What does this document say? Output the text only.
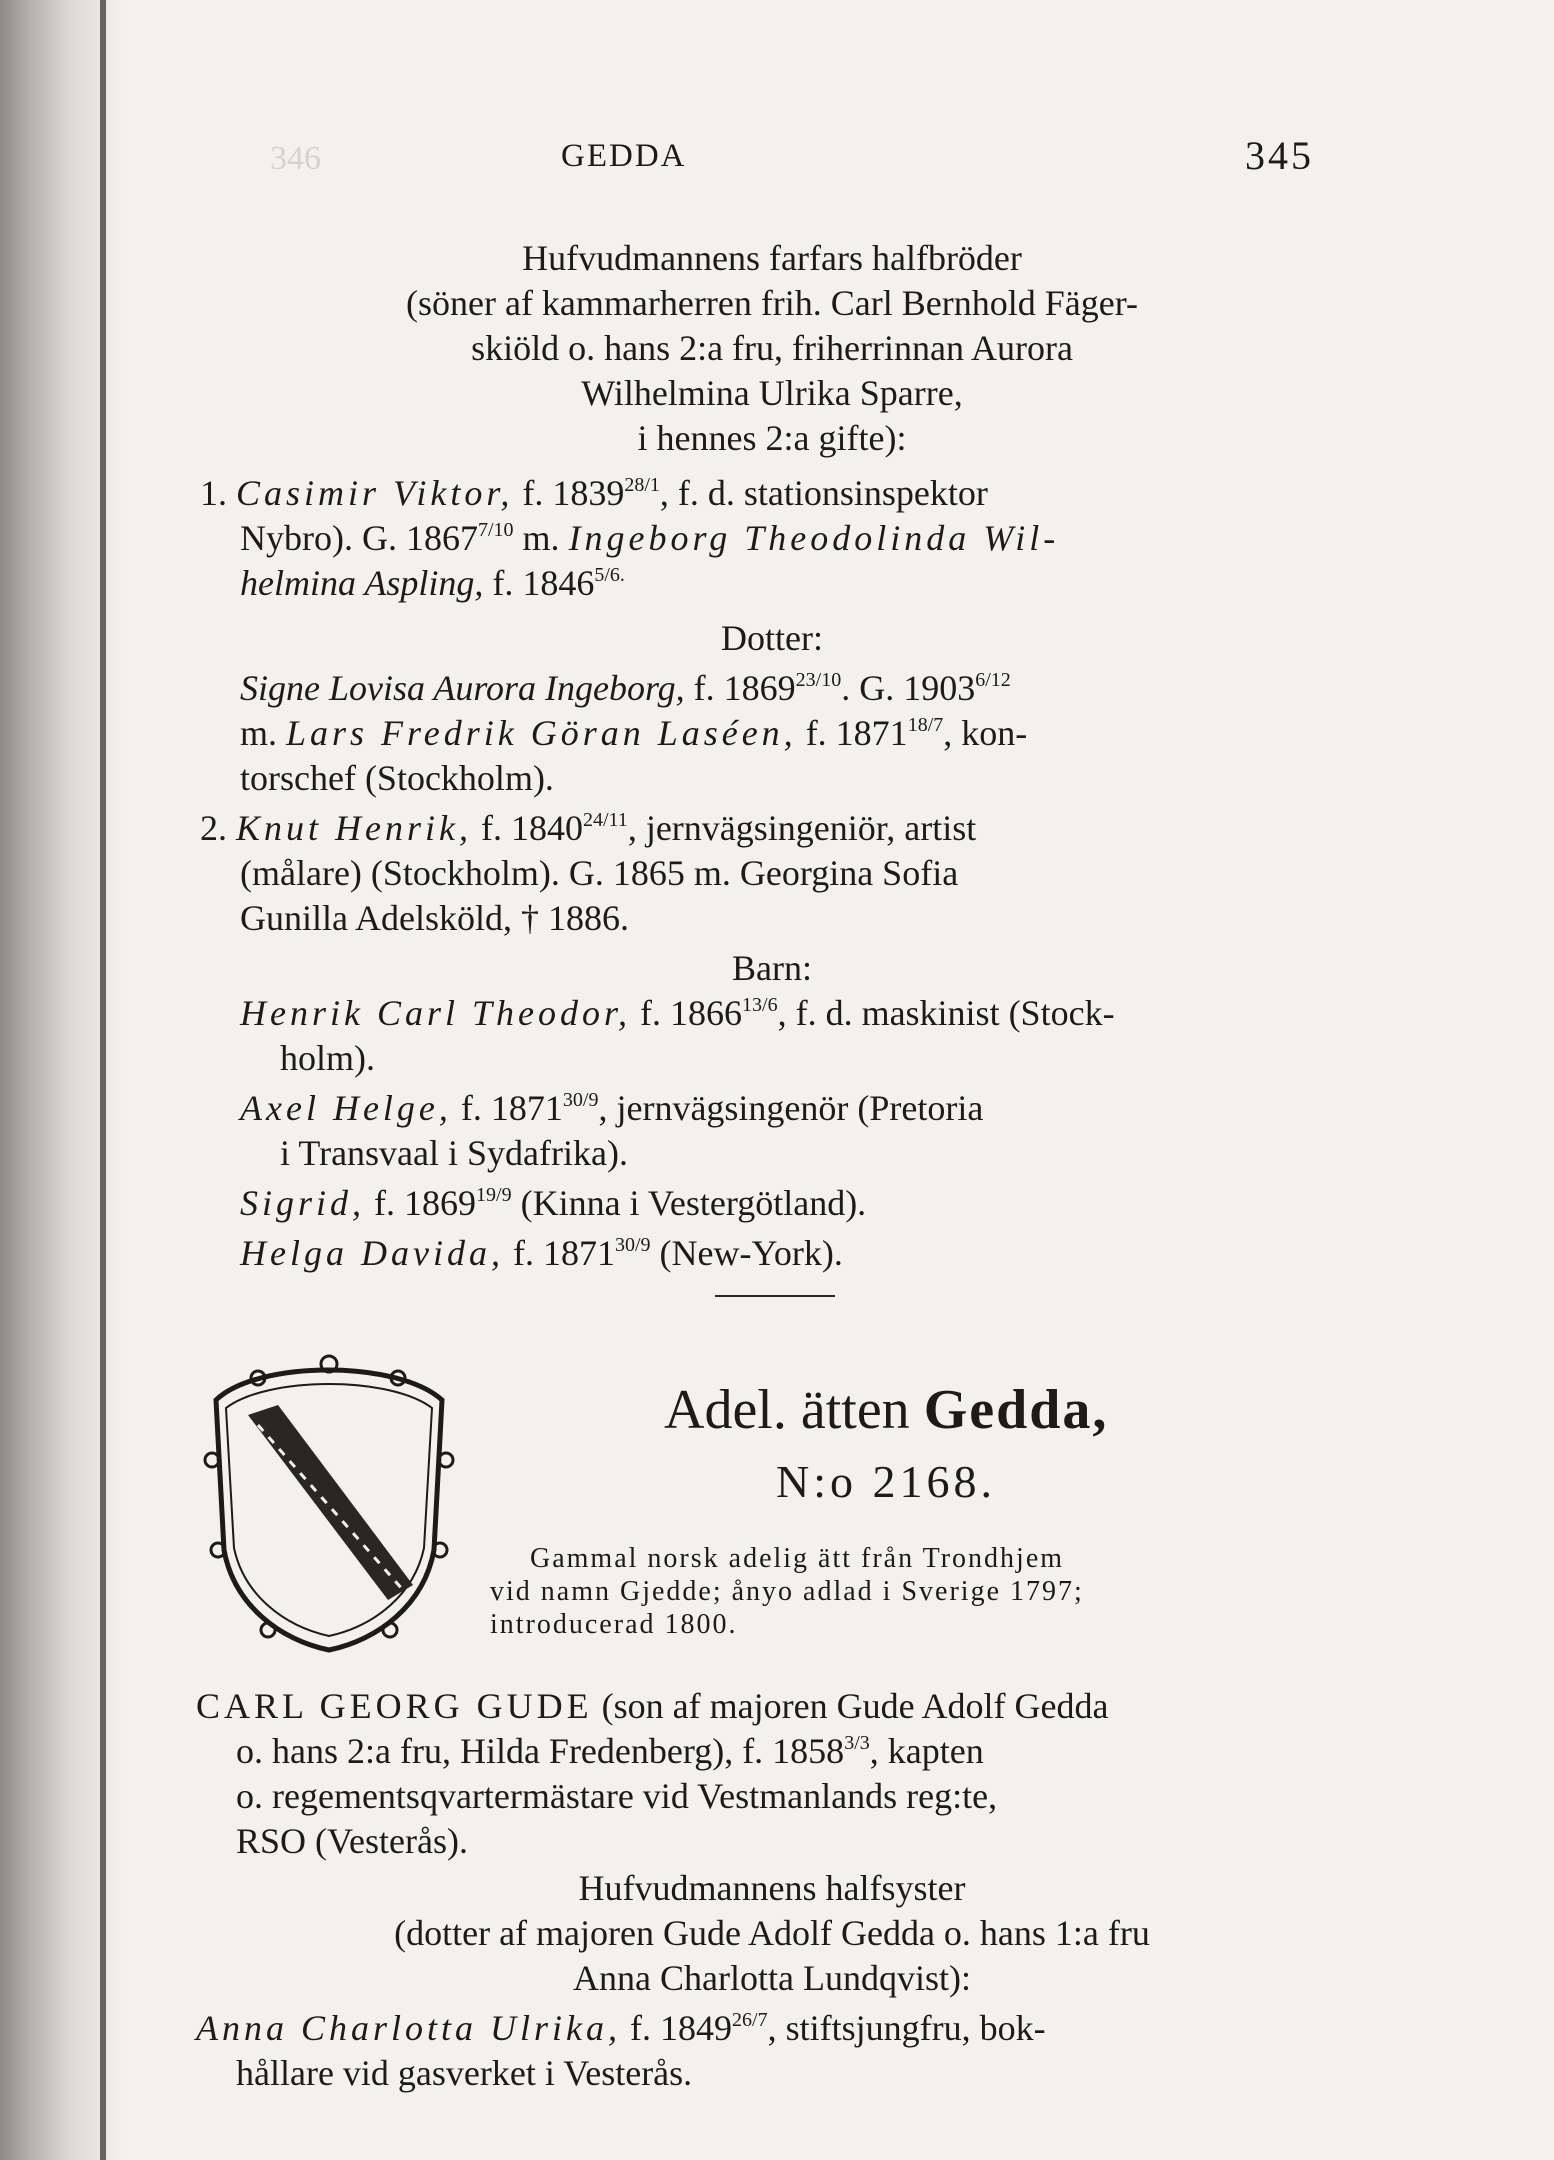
346	GEDDA	345
Hufvudmannens farfars halfbröder
(söner af kammarherren frih. Carl Bernhold Fäger-
skiöld o. hans 2:a fru, friherrinnan Aurora
Wilhelmina Ulrika Sparre,
i hennes 2:a gifte):
1. Casimir Viktor, f. $1839^{28/1}$, f. d. stationsinspektor
Nybro). G. $1867^{7/10}$ m. Ingeborg Theodolinda Wil-
helmina Aspling, f. $1846^{5/6.}$
Dotter:
Signe Lovisa Aurora Ingeborg, f. $1869^{23/10}$. G. $1903^{6/12}$
m. Lars Fredrik Göran Laséen, f. $1871^{18/7}$, kon-
torschef (Stockholm).
2. Knut Henrik, f. $1840^{24/11}$, jernvägsingeniör, artist
(målare) (Stockholm). G. 1865 m. Georgina Sofia
Gunilla Adelsköld, † 1886.
Barn:
Henrik Carl Theodor, f. $1866^{13/6}$, f. d. maskinist (Stock-
holm).
Axel Helge, f. $1871^{30/9}$, jernvägsingenör (Pretoria
i Transvaal i Sydafrika).
Sigrid, f. $1869^{19/9}$ (Kinna i Vestergötland).
Helga Davida, f. $1871^{30/9}$ (New-York).
Adel. ätten Gedda,
N:o 2168.
Gammal norsk adelig ätt från Trondhjem
vid namn Gjedde; ånyo adlad i Sverige 1797;
introducerad 1800.
CARL GEORG GUDE (son af majoren Gude Adolf Gedda
o. hans 2:a fru, Hilda Fredenberg), f. $1858^{3/3}$, kapten
o. regementsqvartermästare vid Vestmanlands reg:te,
RSO (Vesterås).
Hufvudmannens halfsyster
(dotter af majoren Gude Adolf Gedda o. hans 1:a fru
Anna Charlotta Lundqvist):
Anna Charlotta Ulrika, f. $1849^{26/7}$, stiftsjungfru, bok-
hållare vid gasverket i Vesterås.
